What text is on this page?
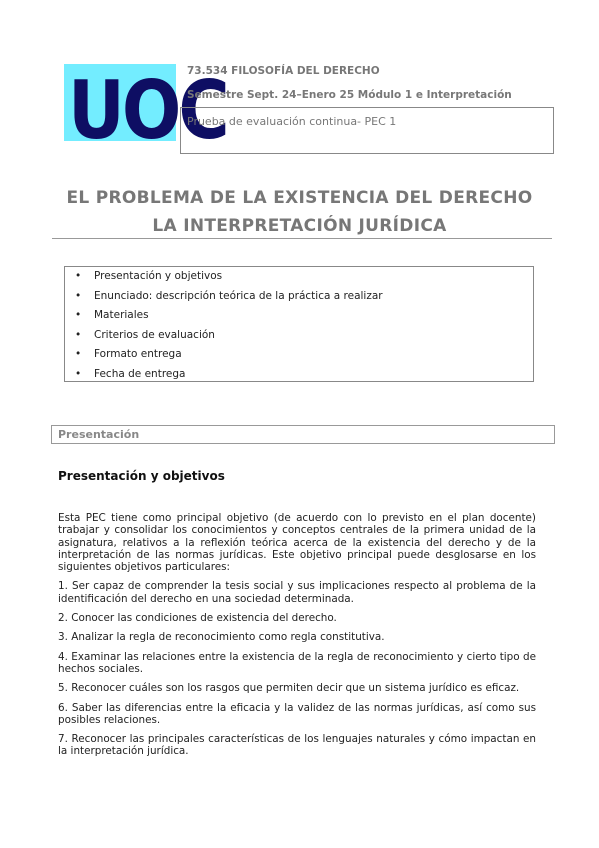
UOC
73.534 FILOSOFÍA DEL DERECHO
Semestre Sept. 24–Enero 25 Módulo 1 e Interpretación
Prueba de evaluación continua- PEC 1
EL PROBLEMA DE LA EXISTENCIA DEL DERECHO
LA INTERPRETACIÓN JURÍDICA
• Presentación y objetivos
• Enunciado: descripción teórica de la práctica a realizar
• Materiales
• Criterios de evaluación
• Formato entrega
• Fecha de entrega
Presentación
Presentación y objetivos

Esta PEC tiene como principal objetivo (de acuerdo con lo previsto en el plan docente) trabajar y consolidar los conocimientos y conceptos centrales de la primera unidad de la asignatura, relativos a la reflexión teórica acerca de la existencia del derecho y de la interpretación de las normas jurídicas. Este objetivo principal puede desglosarse en los siguientes objetivos particulares:

1. Ser capaz de comprender la tesis social y sus implicaciones respecto al problema de la identificación del derecho en una sociedad determinada.

2. Conocer las condiciones de existencia del derecho.

3. Analizar la regla de reconocimiento como regla constitutiva.

4. Examinar las relaciones entre la existencia de la regla de reconocimiento y cierto tipo de hechos sociales.

5. Reconocer cuáles son los rasgos que permiten decir que un sistema jurídico es eficaz.

6. Saber las diferencias entre la eficacia y la validez de las normas jurídicas, así como sus posibles relaciones.

7. Reconocer las principales características de los lenguajes naturales y cómo impactan en la interpretación jurídica.
